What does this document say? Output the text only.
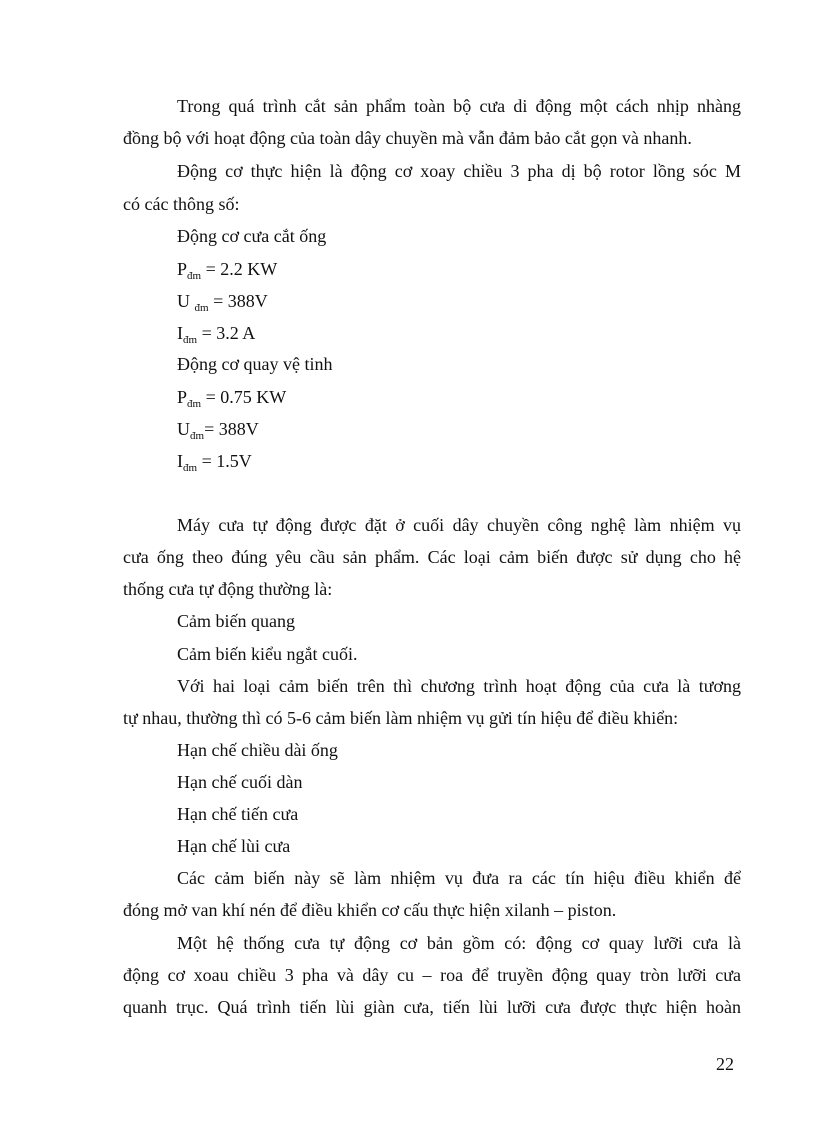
Trong quá trình cắt sản phẩm toàn bộ cưa di động một cách nhịp nhàng
đồng bộ với hoạt động của toàn dây chuyền mà vẫn đảm bảo cắt gọn và nhanh.
Động cơ thực hiện là động cơ xoay chiều 3 pha dị bộ rotor lồng sóc M
có các thông số:
Động cơ cưa cắt ống
$P_{đm} = 2.2$ KW
U $_{đm}$ = 388V
$I_{đm} = 3.2$ A
Động cơ quay vệ tinh
$P_{đm} = 0.75$ KW
$U_{đm}= 388V$
$I_{đm} = 1.5V$
Máy cưa tự động được đặt ở cuối dây chuyền công nghệ làm nhiệm vụ
cưa ống theo đúng yêu cầu sản phẩm. Các loại cảm biến được sử dụng cho hệ
thống cưa tự động thường là:
Cảm biến quang
Cảm biến kiểu ngắt cuối.
Với hai loại cảm biến trên thì chương trình hoạt động của cưa là tương
tự nhau, thường thì có 5-6 cảm biến làm nhiệm vụ gửi tín hiệu để điều khiển:
Hạn chế chiều dài ống
Hạn chế cuối dàn
Hạn chế tiến cưa
Hạn chế lùi cưa
Các cảm biến này sẽ làm nhiệm vụ đưa ra các tín hiệu điều khiển để
đóng mở van khí nén để điều khiển cơ cấu thực hiện xilanh – piston.
Một hệ thống cưa tự động cơ bản gồm có: động cơ quay lưỡi cưa là
động cơ xoau chiều 3 pha và dây cu – roa để truyền động quay tròn lưỡi cưa
quanh trục. Quá trình tiến lùi giàn cưa, tiến lùi lưỡi cưa được thực hiện hoàn
22
